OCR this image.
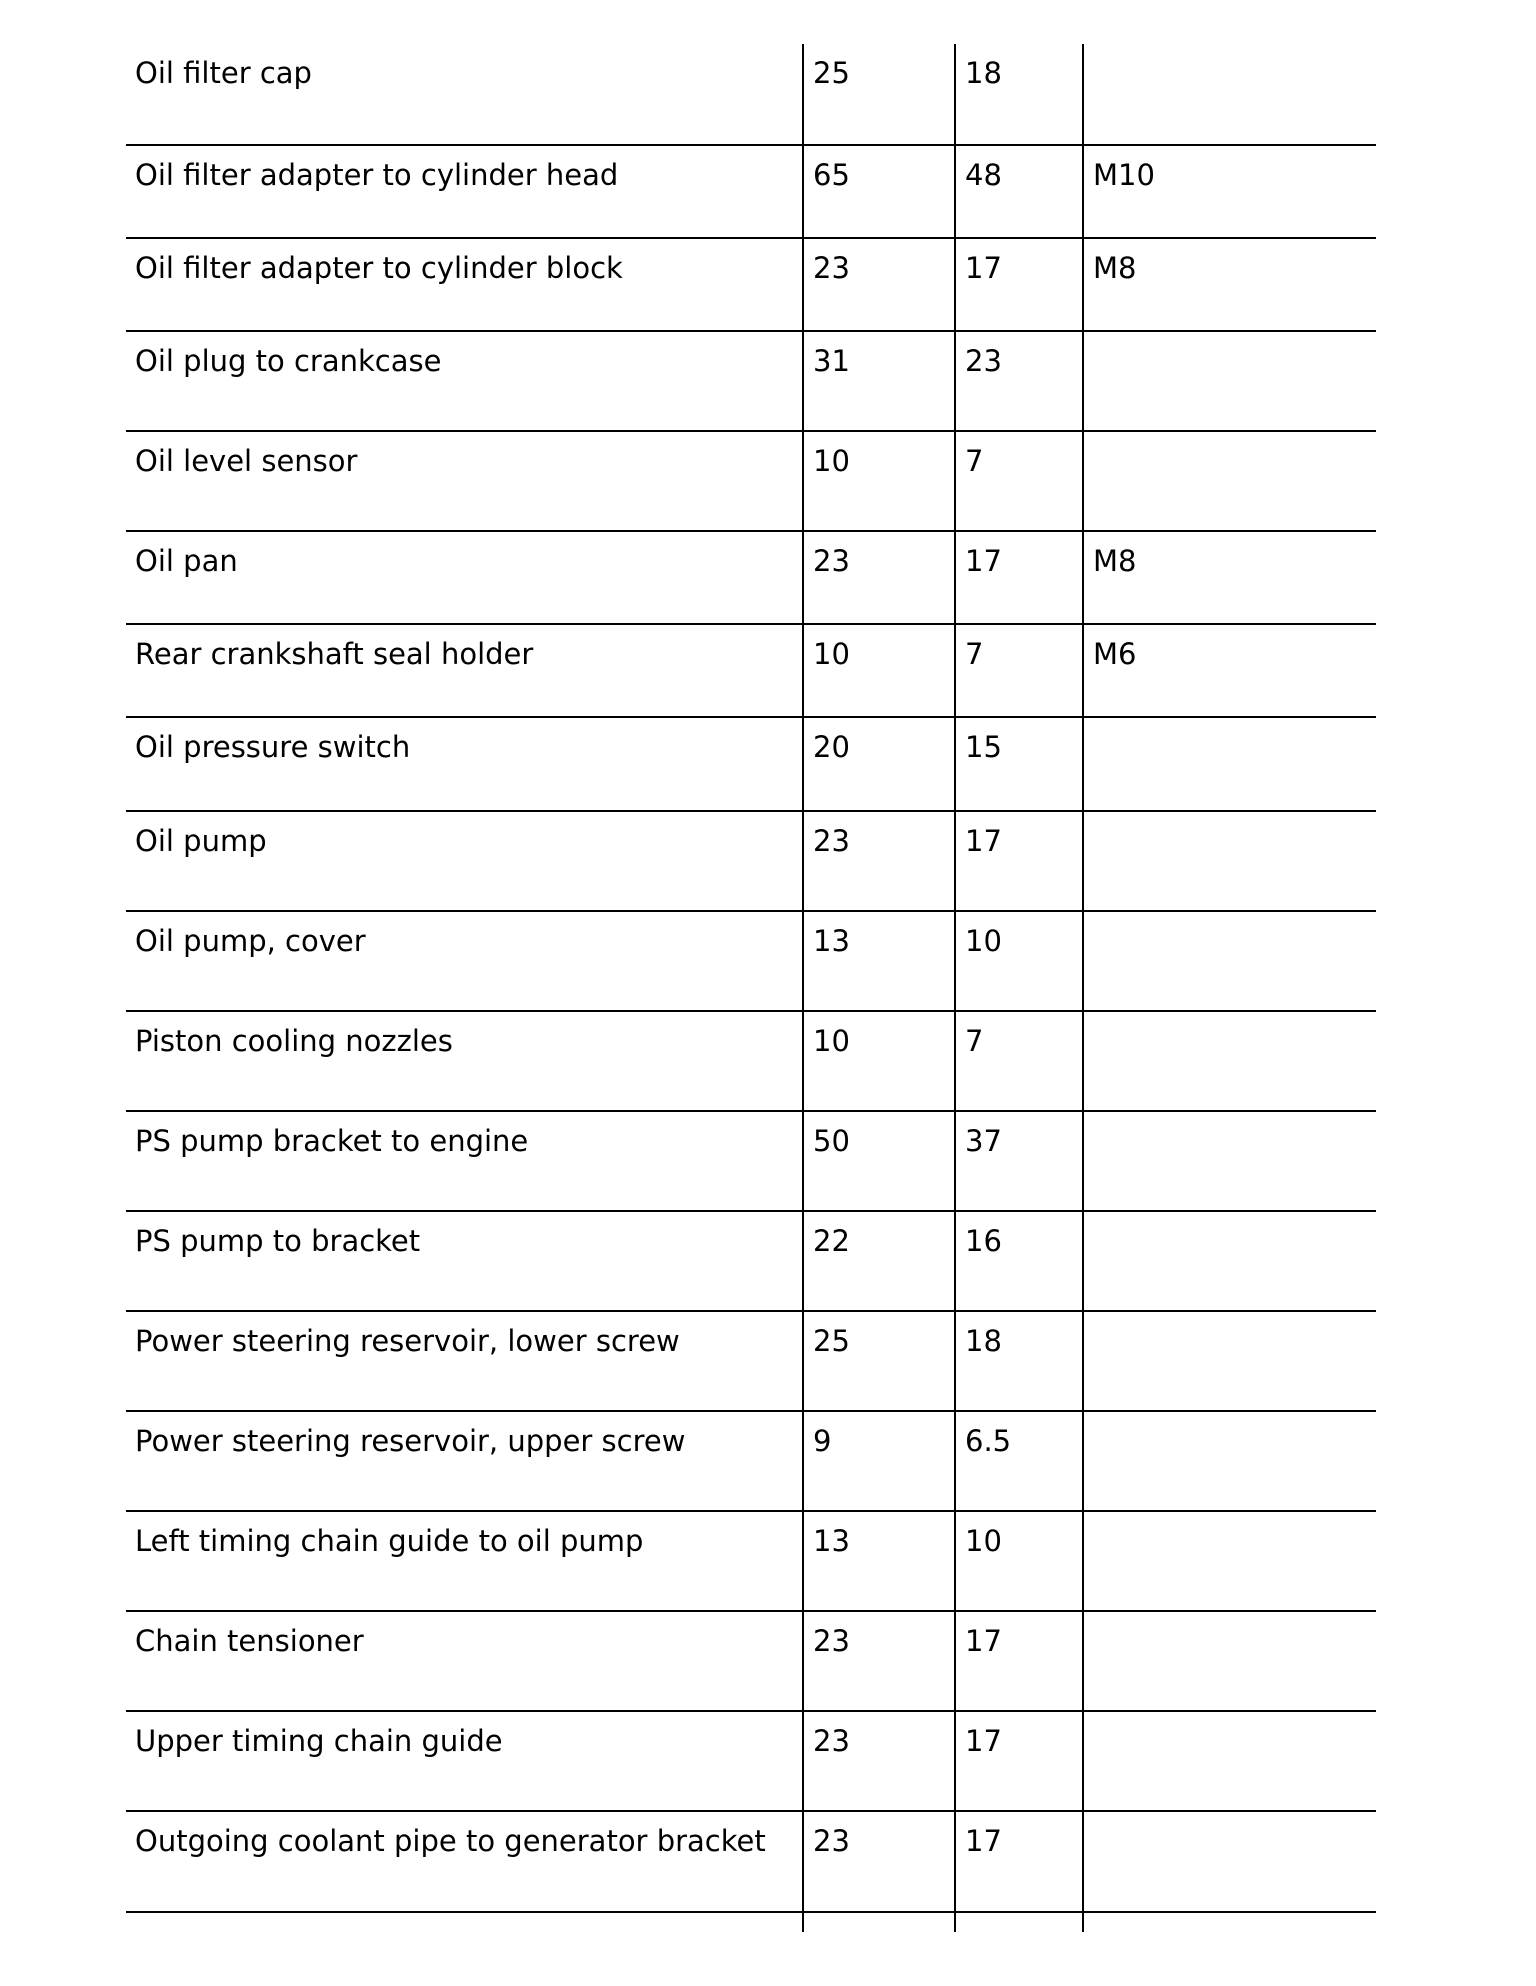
Oil filter cap	25	18
Oil filter adapter to cylinder head	65	48	M10
Oil filter adapter to cylinder block	23	17	M8
Oil plug to crankcase	31	23
Oil level sensor	10	7
Oil pan	23	17	M8
Rear crankshaft seal holder	10	7	M6
Oil pressure switch	20	15
Oil pump	23	17
Oil pump, cover	13	10
Piston cooling nozzles	10	7
PS pump bracket to engine	50	37
PS pump to bracket	22	16
Power steering reservoir, lower screw	25	18
Power steering reservoir, upper screw	9	6.5
Left timing chain guide to oil pump	13	10
Chain tensioner	23	17
Upper timing chain guide	23	17
Outgoing coolant pipe to generator bracket	23	17
